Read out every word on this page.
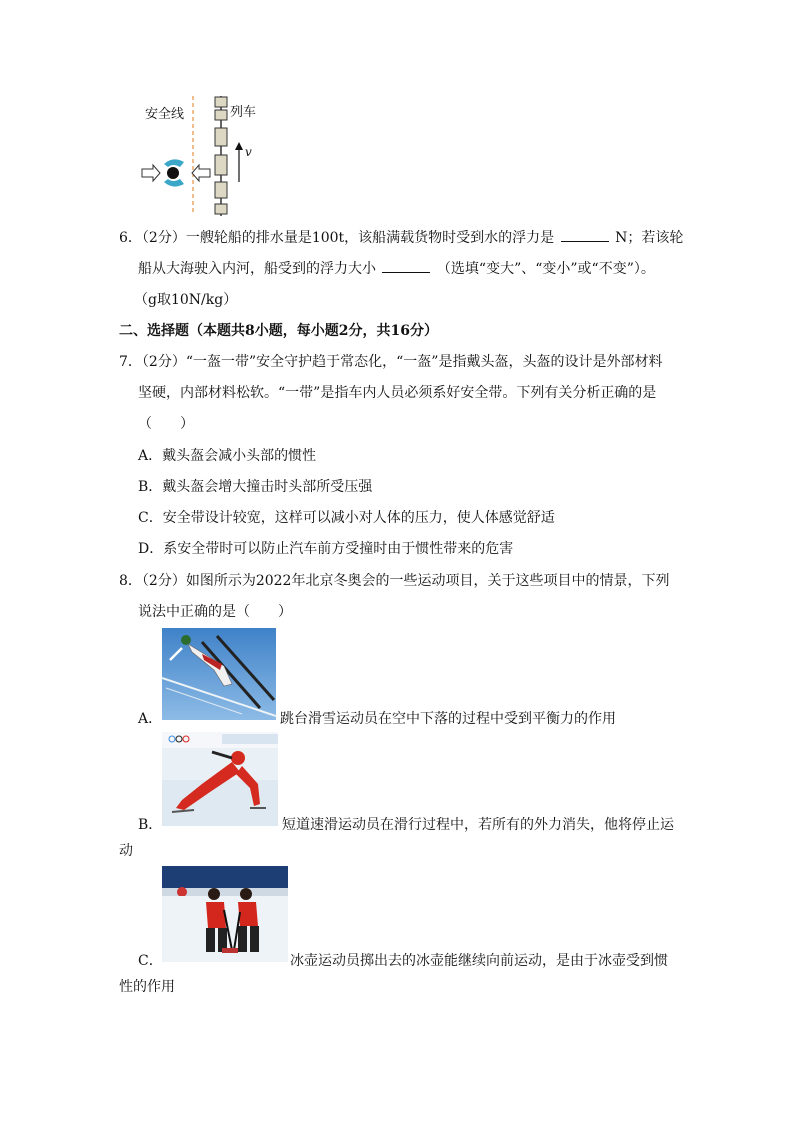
安全线	列车
v
6．（2分）一艘轮船的排水量是100t，该船满载货物时受到水的浮力是	N；若该轮
船从大海驶入内河，船受到的浮力大小	（选填“变大”、“变小”或“不变”）。
（g取10N/kg）
二、选择题（本题共8小题，每小题2分，共16分）
7．（2分）“一盔一带”安全守护趋于常态化，“一盔”是指戴头盔，头盔的设计是外部材料
坚硬，内部材料松软。“一带”是指车内人员必须系好安全带。下列有关分析正确的是
（　　）
A．戴头盔会减小头部的惯性
B．戴头盔会增大撞击时头部所受压强
C．安全带设计较宽，这样可以减小对人体的压力，使人体感觉舒适
D．系安全带时可以防止汽车前方受撞时由于惯性带来的危害
8．（2分）如图所示为2022年北京冬奥会的一些运动项目，关于这些项目中的情景，下列
说法中正确的是（　　）
A．	跳台滑雪运动员在空中下落的过程中受到平衡力的作用
B．	短道速滑运动员在滑行过程中，若所有的外力消失，他将停止运
动
C．	冰壶运动员掷出去的冰壶能继续向前运动，是由于冰壶受到惯
性的作用
